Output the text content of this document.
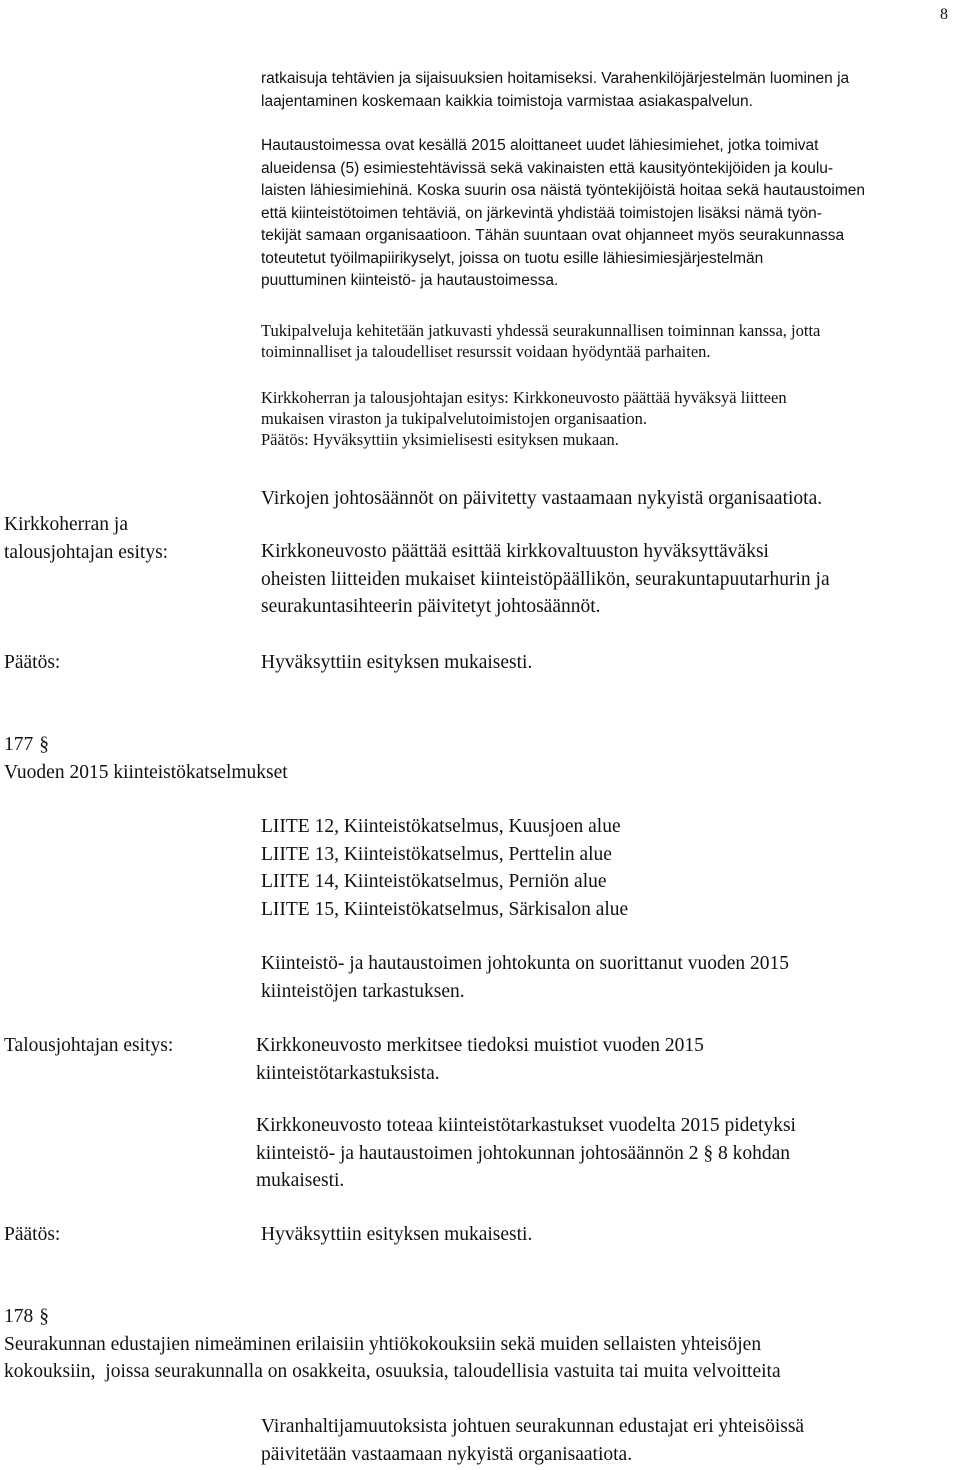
8
ratkaisuja tehtävien ja sijaisuuksien hoitamiseksi. Varahenkilöjärjestelmän luominen ja
laajentaminen koskemaan kaikkia toimistoja varmistaa asiakaspalvelun.
Hautaustoimessa ovat kesällä 2015 aloittaneet uudet lähiesimiehet, jotka toimivat
alueidensa (5) esimiestehtävissä sekä vakinaisten että kausityöntekijöiden ja koulu-
laisten lähiesimiehinä. Koska suurin osa näistä työntekijöistä hoitaa sekä hautaustoimen
että kiinteistötoimen tehtäviä, on järkevintä yhdistää toimistojen lisäksi nämä työn-
tekijät samaan organisaatioon. Tähän suuntaan ovat ohjanneet myös seurakunnassa
toteutetut työilmapiirikyselyt, joissa on tuotu esille lähiesimiesjärjestelmän
puuttuminen kiinteistö- ja hautaustoimessa.
Tukipalveluja kehitetään jatkuvasti yhdessä seurakunnallisen toiminnan kanssa, jotta
toiminnalliset ja taloudelliset resurssit voidaan hyödyntää parhaiten.
Kirkkoherran ja talousjohtajan esitys: Kirkkoneuvosto päättää hyväksyä liitteen
mukaisen viraston ja tukipalvelutoimistojen organisaation.
Päätös: Hyväksyttiin yksimielisesti esityksen mukaan.
Virkojen johtosäännöt on päivitetty vastaamaan nykyistä organisaatiota.
Kirkkoherran ja
talousjohtajan esitys:	Kirkkoneuvosto päättää esittää kirkkovaltuuston hyväksyttäväksi
oheisten liitteiden mukaiset kiinteistöpäällikön, seurakuntapuutarhurin ja
seurakuntasihteerin päivitetyt johtosäännöt.
Päätös:	Hyväksyttiin esityksen mukaisesti.
177 §
Vuoden 2015 kiinteistökatselmukset
LIITE 12, Kiinteistökatselmus, Kuusjoen alue
LIITE 13, Kiinteistökatselmus, Perttelin alue
LIITE 14, Kiinteistökatselmus, Perniön alue
LIITE 15, Kiinteistökatselmus, Särkisalon alue
Kiinteistö- ja hautaustoimen johtokunta on suorittanut vuoden 2015
kiinteistöjen tarkastuksen.
Talousjohtajan esitys:	Kirkkoneuvosto merkitsee tiedoksi muistiot vuoden 2015
kiinteistötarkastuksista.
Kirkkoneuvosto toteaa kiinteistötarkastukset vuodelta 2015 pidetyksi
kiinteistö- ja hautaustoimen johtokunnan johtosäännön 2 § 8 kohdan
mukaisesti.
Päätös:	Hyväksyttiin esityksen mukaisesti.
178 §
Seurakunnan edustajien nimeäminen erilaisiin yhtiökokouksiin sekä muiden sellaisten yhteisöjen
kokouksiin,  joissa seurakunnalla on osakkeita, osuuksia, taloudellisia vastuita tai muita velvoitteita
Viranhaltijamuutoksista johtuen seurakunnan edustajat eri yhteisöissä
päivitetään vastaamaan nykyistä organisaatiota.
